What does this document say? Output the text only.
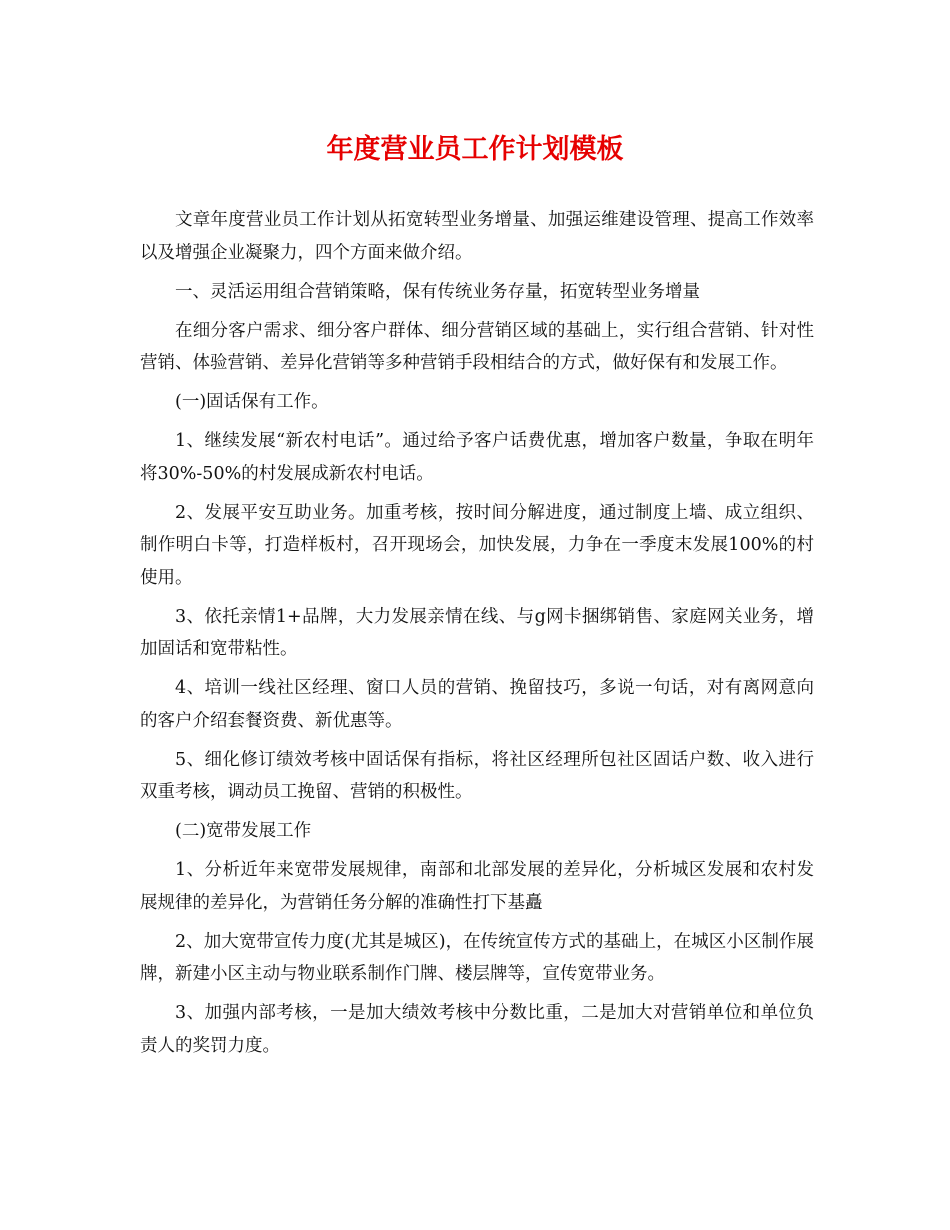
年度营业员工作计划模板

文章年度营业员工作计划从拓宽转型业务增量、加强运维建设管理、提高工作效率以及增强企业凝聚力，四个方面来做介绍。

一、灵活运用组合营销策略，保有传统业务存量，拓宽转型业务增量

在细分客户需求、细分客户群体、细分营销区域的基础上，实行组合营销、针对性营销、体验营销、差异化营销等多种营销手段相结合的方式，做好保有和发展工作。

(一)固话保有工作。

1、继续发展“新农村电话”。通过给予客户话费优惠，增加客户数量，争取在明年将30%-50%的村发展成新农村电话。

2、发展平安互助业务。加重考核，按时间分解进度，通过制度上墙、成立组织、制作明白卡等，打造样板村，召开现场会，加快发展，力争在一季度末发展100%的村使用。

3、依托亲情1+品牌，大力发展亲情在线、与g网卡捆绑销售、家庭网关业务，增加固话和宽带粘性。

4、培训一线社区经理、窗口人员的营销、挽留技巧，多说一句话，对有离网意向的客户介绍套餐资费、新优惠等。

5、细化修订绩效考核中固话保有指标，将社区经理所包社区固话户数、收入进行双重考核，调动员工挽留、营销的积极性。

(二)宽带发展工作

1、分析近年来宽带发展规律，南部和北部发展的差异化，分析城区发展和农村发展规律的差异化，为营销任务分解的准确性打下基矗

2、加大宽带宣传力度(尤其是城区)，在传统宣传方式的基础上，在城区小区制作展牌，新建小区主动与物业联系制作门牌、楼层牌等，宣传宽带业务。

3、加强内部考核，一是加大绩效考核中分数比重，二是加大对营销单位和单位负责人的奖罚力度。
